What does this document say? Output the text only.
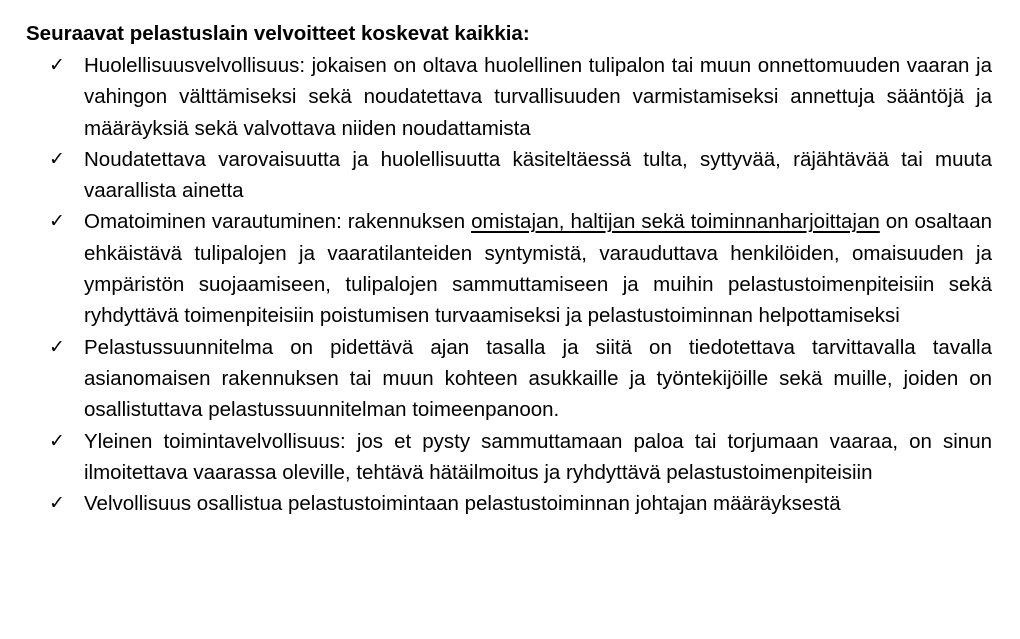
Seuraavat pelastuslain velvoitteet koskevat kaikkia:
✓ Huolellisuusvelvollisuus: jokaisen on oltava huolellinen tulipalon tai muun onnettomuuden vaaran ja vahingon välttämiseksi sekä noudatettava turvallisuuden varmistamiseksi annettuja sääntöjä ja määräyksiä sekä valvottava niiden noudattamista
✓ Noudatettava varovaisuutta ja huolellisuutta käsiteltäessä tulta, syttyvää, räjähtävää tai muuta vaarallista ainetta
✓ Omatoiminen varautuminen: rakennuksen omistajan, haltijan sekä toiminnanharjoittajan on osaltaan ehkäistävä tulipalojen ja vaaratilanteiden syntymistä, varauduttava henkilöiden, omaisuuden ja ympäristön suojaamiseen, tulipalojen sammuttamiseen ja muihin pelastustoimenpiteisiin sekä ryhdyttävä toimenpiteisiin poistumisen turvaamiseksi ja pelastustoiminnan helpottamiseksi
✓ Pelastussuunnitelma on pidettävä ajan tasalla ja siitä on tiedotettava tarvittavalla tavalla asianomaisen rakennuksen tai muun kohteen asukkaille ja työntekijöille sekä muille, joiden on osallistuttava pelastussuunnitelman toimeenpanoon.
✓ Yleinen toimintavelvollisuus: jos et pysty sammuttamaan paloa tai torjumaan vaaraa, on sinun ilmoitettava vaarassa oleville, tehtävä hätäilmoitus ja ryhdyttävä pelastustoimenpiteisiin
✓ Velvollisuus osallistua pelastustoimintaan pelastustoiminnan johtajan määräyksestä
